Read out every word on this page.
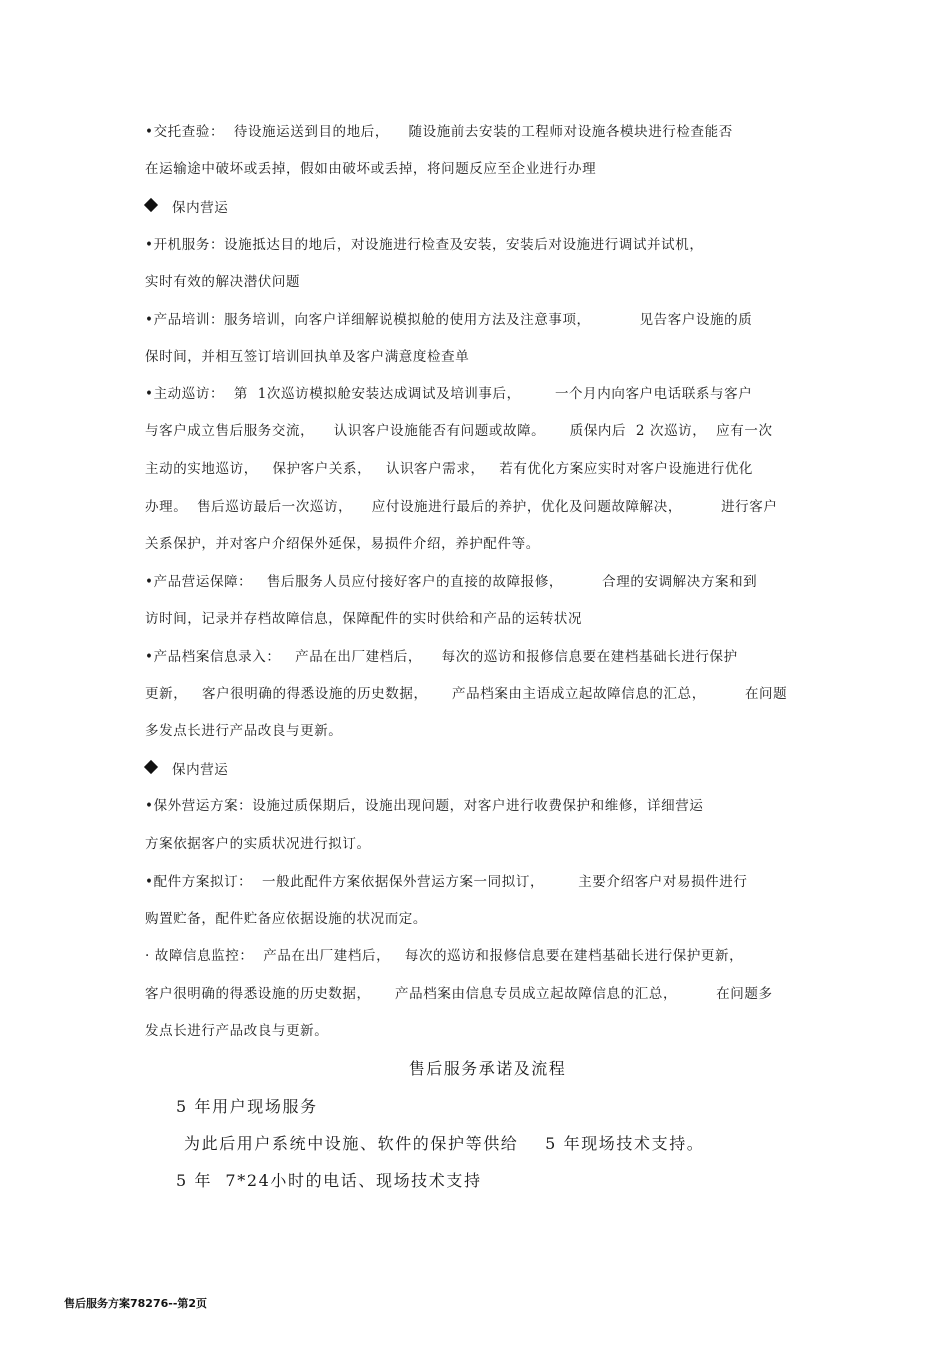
•交托查验：  待设施运送到目的地后，    随设施前去安装的工程师对设施各模块进行检查能否
在运输途中破坏或丢掉，假如由破坏或丢掉，将问题反应至企业进行办理
保内营运
•开机服务：设施抵达目的地后，对设施进行检查及安装，安装后对设施进行调试并试机，
实时有效的解决潜伏问题
•产品培训：服务培训，向客户详细解说模拟舱的使用方法及注意事项，          见告客户设施的质
保时间，并相互签订培训回执单及客户满意度检查单
•主动巡访：  第  1次巡访模拟舱安装达成调试及培训事后，       一个月内向客户电话联系与客户
与客户成立售后服务交流，    认识客户设施能否有问题或故障。     质保内后  2 次巡访，  应有一次
主动的实地巡访，   保护客户关系，   认识客户需求，   若有优化方案应实时对客户设施进行优化
办理。  售后巡访最后一次巡访，    应付设施进行最后的养护，优化及问题故障解决，        进行客户
关系保护，并对客户介绍保外延保，易损件介绍，养护配件等。
•产品营运保障：   售后服务人员应付接好客户的直接的故障报修，        合理的安调解决方案和到
访时间，记录并存档故障信息，保障配件的实时供给和产品的运转状况
•产品档案信息录入：   产品在出厂建档后，    每次的巡访和报修信息要在建档基础长进行保护
更新，   客户很明确的得悉设施的历史数据，     产品档案由主语成立起故障信息的汇总，        在问题
多发点长进行产品改良与更新。
保内营运
•保外营运方案：设施过质保期后，设施出现问题，对客户进行收费保护和维修，详细营运
方案依据客户的实质状况进行拟订。
•配件方案拟订：  一般此配件方案依据保外营运方案一同拟订，       主要介绍客户对易损件进行
购置贮备，配件贮备应依据设施的状况而定。
· 故障信息监控：  产品在出厂建档后，   每次的巡访和报修信息要在建档基础长进行保护更新，
客户很明确的得悉设施的历史数据，     产品档案由信息专员成立起故障信息的汇总，        在问题多
发点长进行产品改良与更新。
售后服务承诺及流程
5 年用户现场服务
为此后用户系统中设施、软件的保护等供给    5 年现场技术支持。
5 年  7*24小时的电话、现场技术支持
售后服务方案78276--第2页
